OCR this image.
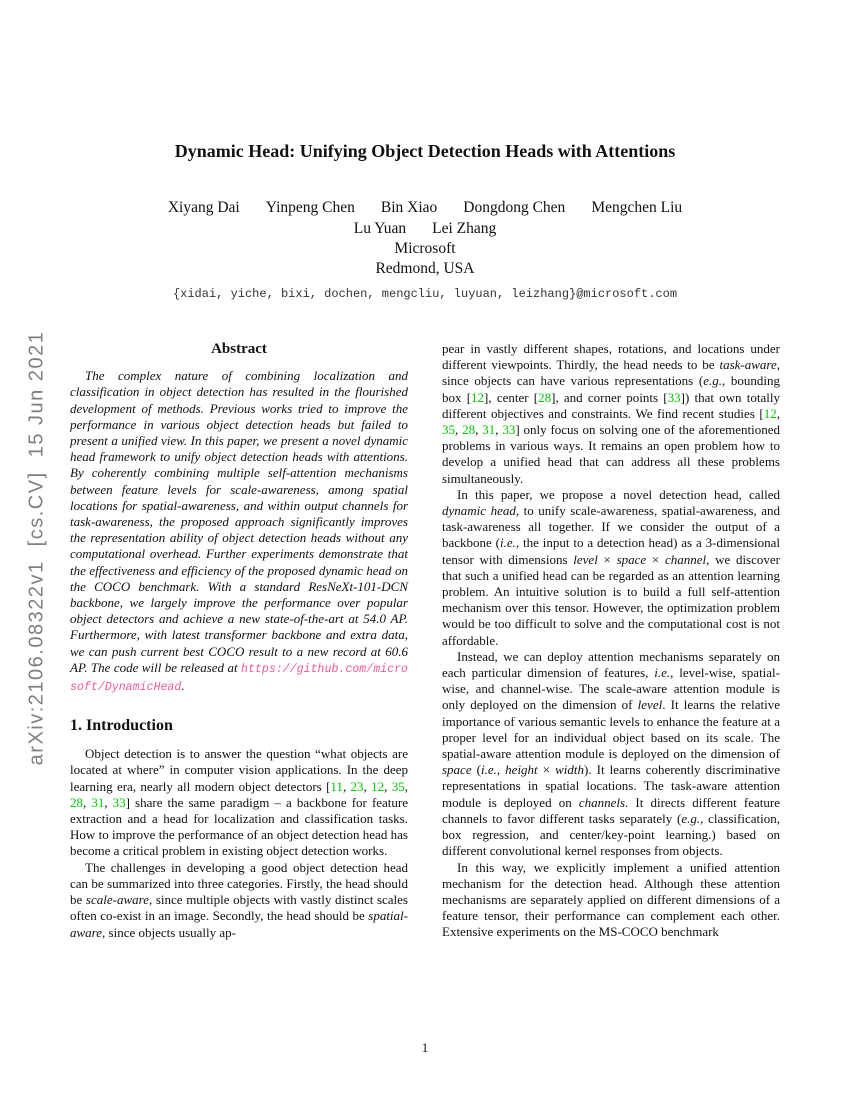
arXiv:2106.08322v1  [cs.CV]  15 Jun 2021
Dynamic Head: Unifying Object Detection Heads with Attentions
Xiyang Dai Yinpeng Chen Bin Xiao Dongdong Chen Mengchen Liu
Lu Yuan Lei Zhang
Microsoft
Redmond, USA
{xidai, yiche, bixi, dochen, mengcliu, luyuan, leizhang}@microsoft.com
Abstract

The complex nature of combining localization and classification in object detection has resulted in the flourished development of methods. Previous works tried to improve the performance in various object detection heads but failed to present a unified view. In this paper, we present a novel dynamic head framework to unify object detection heads with attentions. By coherently combining multiple self-attention mechanisms between feature levels for scale-awareness, among spatial locations for spatial-awareness, and within output channels for task-awareness, the proposed approach significantly improves the representation ability of object detection heads without any computational overhead. Further experiments demonstrate that the effectiveness and efficiency of the proposed dynamic head on the COCO benchmark. With a standard ResNeXt-101-DCN backbone, we largely improve the performance over popular object detectors and achieve a new state-of-the-art at 54.0 AP. Furthermore, with latest transformer backbone and extra data, we can push current best COCO result to a new record at 60.6 AP. The code will be released at https://github.com/microsoft/DynamicHead.

1. Introduction

Object detection is to answer the question “what objects are located at where” in computer vision applications. In the deep learning era, nearly all modern object detectors [11, 23, 12, 35, 28, 31, 33] share the same paradigm – a backbone for feature extraction and a head for localization and classification tasks. How to improve the performance of an object detection head has become a critical problem in existing object detection works.

The challenges in developing a good object detection head can be summarized into three categories. Firstly, the head should be scale-aware, since multiple objects with vastly distinct scales often co-exist in an image. Secondly, the head should be spatial-aware, since objects usually ap-

pear in vastly different shapes, rotations, and locations under different viewpoints. Thirdly, the head needs to be task-aware, since objects can have various representations (e.g., bounding box [12], center [28], and corner points [33]) that own totally different objectives and constraints. We find recent studies [12, 35, 28, 31, 33] only focus on solving one of the aforementioned problems in various ways. It remains an open problem how to develop a unified head that can address all these problems simultaneously.

In this paper, we propose a novel detection head, called dynamic head, to unify scale-awareness, spatial-awareness, and task-awareness all together. If we consider the output of a backbone (i.e., the input to a detection head) as a 3-dimensional tensor with dimensions level × space × channel, we discover that such a unified head can be regarded as an attention learning problem. An intuitive solution is to build a full self-attention mechanism over this tensor. However, the optimization problem would be too difficult to solve and the computational cost is not affordable.

Instead, we can deploy attention mechanisms separately on each particular dimension of features, i.e., level-wise, spatial-wise, and channel-wise. The scale-aware attention module is only deployed on the dimension of level. It learns the relative importance of various semantic levels to enhance the feature at a proper level for an individual object based on its scale. The spatial-aware attention module is deployed on the dimension of space (i.e., height × width). It learns coherently discriminative representations in spatial locations. The task-aware attention module is deployed on channels. It directs different feature channels to favor different tasks separately (e.g., classification, box regression, and center/key-point learning.) based on different convolutional kernel responses from objects.

In this way, we explicitly implement a unified attention mechanism for the detection head. Although these attention mechanisms are separately applied on different dimensions of a feature tensor, their performance can complement each other. Extensive experiments on the MS-COCO benchmark

1
